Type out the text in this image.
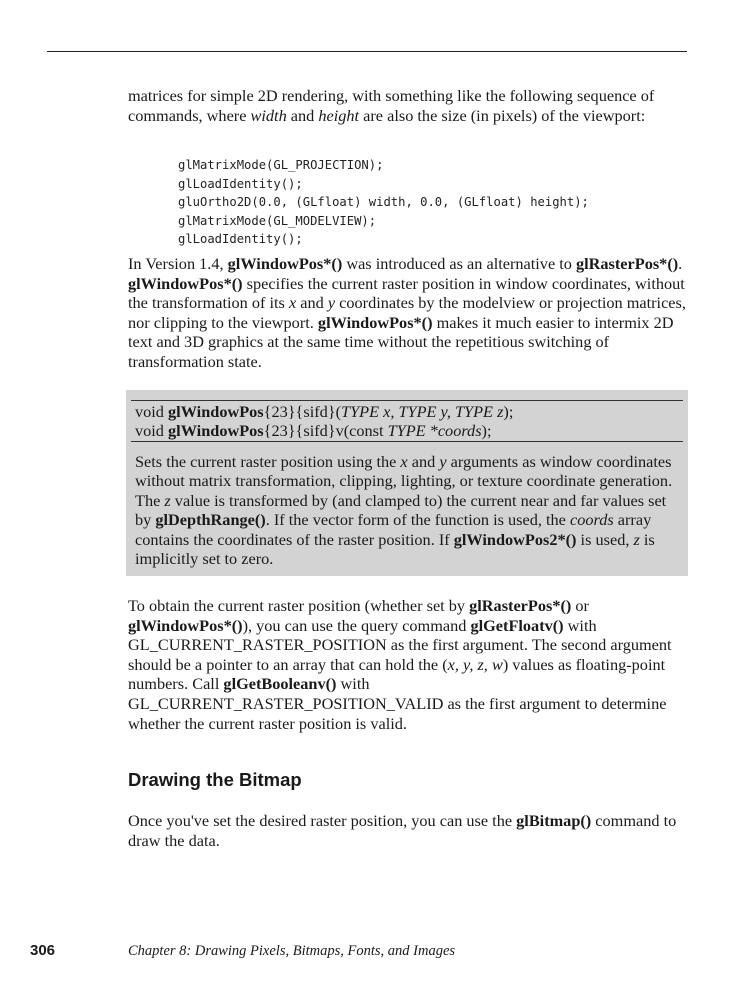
matrices for simple 2D rendering, with something like the following sequence of commands, where width and height are also the size (in pixels) of the viewport:

glMatrixMode(GL_PROJECTION);
glLoadIdentity();
gluOrtho2D(0.0, (GLfloat) width, 0.0, (GLfloat) height);
glMatrixMode(GL_MODELVIEW);
glLoadIdentity();

In Version 1.4, glWindowPos*() was introduced as an alternative to glRasterPos*(). glWindowPos*() specifies the current raster position in window coordinates, without the transformation of its x and y coordinates by the modelview or projection matrices, nor clipping to the viewport. glWindowPos*() makes it much easier to intermix 2D text and 3D graphics at the same time without the repetitious switching of transformation state.

void glWindowPos{23}{sifd}(TYPE x, TYPE y, TYPE z);
void glWindowPos{23}{sifd}v(const TYPE *coords);

Sets the current raster position using the x and y arguments as window coordinates without matrix transformation, clipping, lighting, or texture coordinate generation. The z value is transformed by (and clamped to) the current near and far values set by glDepthRange(). If the vector form of the function is used, the coords array contains the coordinates of the raster position. If glWindowPos2*() is used, z is implicitly set to zero.

To obtain the current raster position (whether set by glRasterPos*() or glWindowPos*()), you can use the query command glGetFloatv() with GL_CURRENT_RASTER_POSITION as the first argument. The second argument should be a pointer to an array that can hold the (x, y, z, w) values as floating-point numbers. Call glGetBooleanv() with GL_CURRENT_RASTER_POSITION_VALID as the first argument to determine whether the current raster position is valid.

Drawing the Bitmap

Once you've set the desired raster position, you can use the glBitmap() command to draw the data.

306	Chapter 8: Drawing Pixels, Bitmaps, Fonts, and Images
